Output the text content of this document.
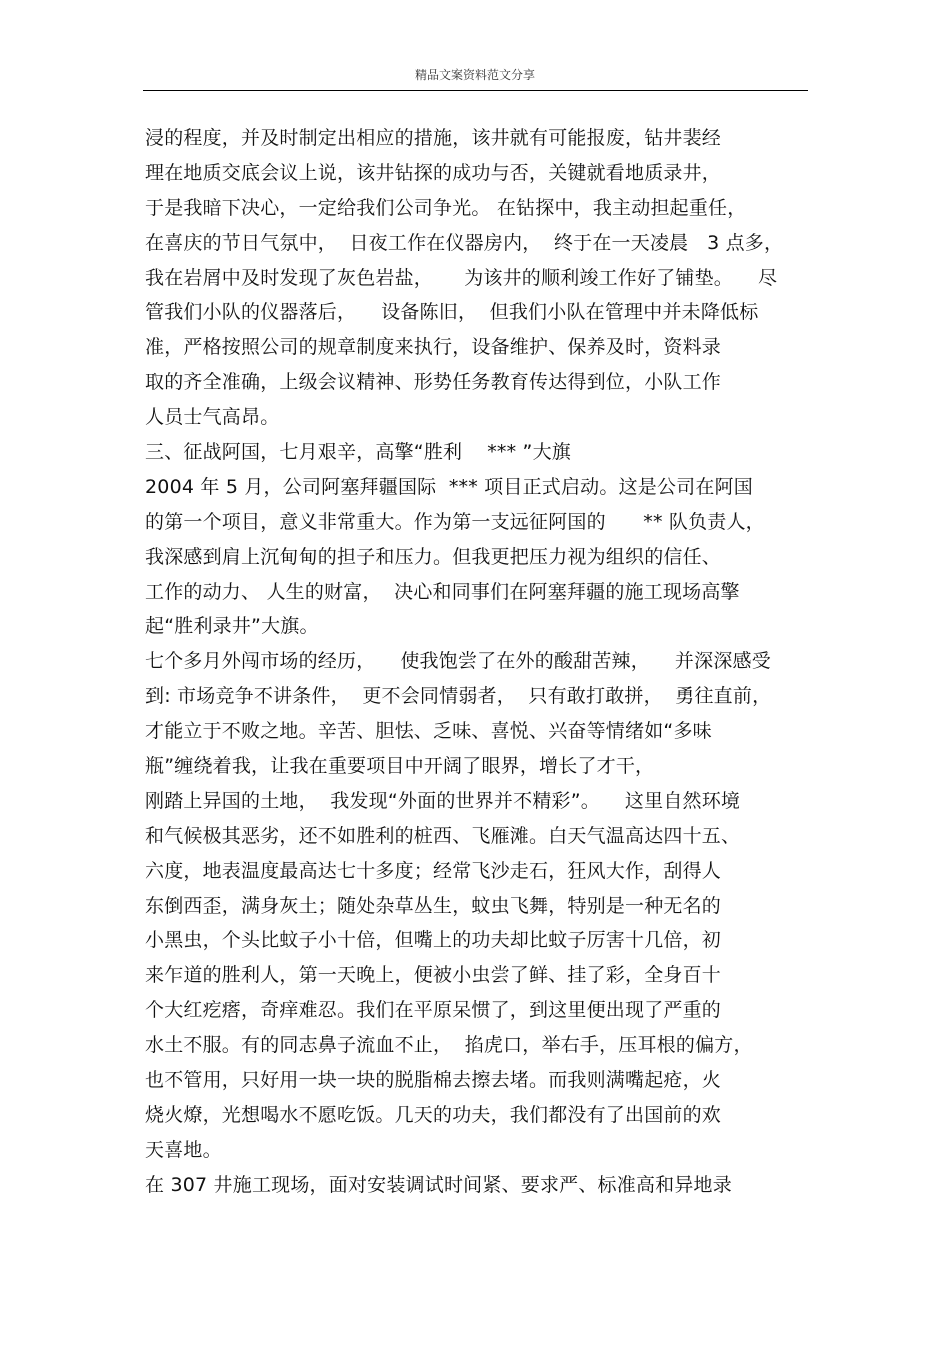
精品文案资料范文分享
浸的程度，并及时制定出相应的措施，该井就有可能报废，钻井裴经
理在地质交底会议上说，该井钻探的成功与否，关键就看地质录井，
于是我暗下决心，一定给我们公司争光。 在钻探中，我主动担起重任，
在喜庆的节日气氛中，  日夜工作在仪器房内，  终于在一天凌晨   3 点多，
我在岩屑中及时发现了灰色岩盐，     为该井的顺利竣工作好了铺垫。    尽
管我们小队的仪器落后，    设备陈旧，  但我们小队在管理中并未降低标
准，严格按照公司的规章制度来执行，设备维护、保养及时，资料录
取的齐全准确，上级会议精神、形势任务教育传达得到位，小队工作
人员士气高昂。
三、征战阿国，七月艰辛，高擎“胜利    *** ”大旗
2004 年 5 月，公司阿塞拜疆国际  *** 项目正式启动。这是公司在阿国
的第一个项目，意义非常重大。作为第一支远征阿国的      ** 队负责人，
我深感到肩上沉甸甸的担子和压力。但我更把压力视为组织的信任、
工作的动力、 人生的财富，  决心和同事们在阿塞拜疆的施工现场高擎
起“胜利录井”大旗。
七个多月外闯市场的经历，    使我饱尝了在外的酸甜苦辣，    并深深感受
到: 市场竞争不讲条件，  更不会同情弱者，  只有敢打敢拼，  勇往直前，
才能立于不败之地。辛苦、胆怯、乏味、喜悦、兴奋等情绪如“多味
瓶”缠绕着我，让我在重要项目中开阔了眼界，增长了才干，
刚踏上异国的土地，  我发现“外面的世界并不精彩”。    这里自然环境
和气候极其恶劣，还不如胜利的桩西、飞雁滩。白天气温高达四十五、
六度，地表温度最高达七十多度；经常飞沙走石，狂风大作，刮得人
东倒西歪，满身灰土；随处杂草丛生，蚊虫飞舞，特别是一种无名的
小黑虫，个头比蚊子小十倍，但嘴上的功夫却比蚊子厉害十几倍，初
来乍道的胜利人，第一天晚上，便被小虫尝了鲜、挂了彩，全身百十
个大红疙瘩，奇痒难忍。我们在平原呆惯了，到这里便出现了严重的
水土不服。有的同志鼻子流血不止，  掐虎口，举右手，压耳根的偏方，
也不管用，只好用一块一块的脱脂棉去擦去堵。而我则满嘴起疮，火
烧火燎，光想喝水不愿吃饭。几天的功夫，我们都没有了出国前的欢
天喜地。
在 307 井施工现场，面对安装调试时间紧、要求严、标准高和异地录
